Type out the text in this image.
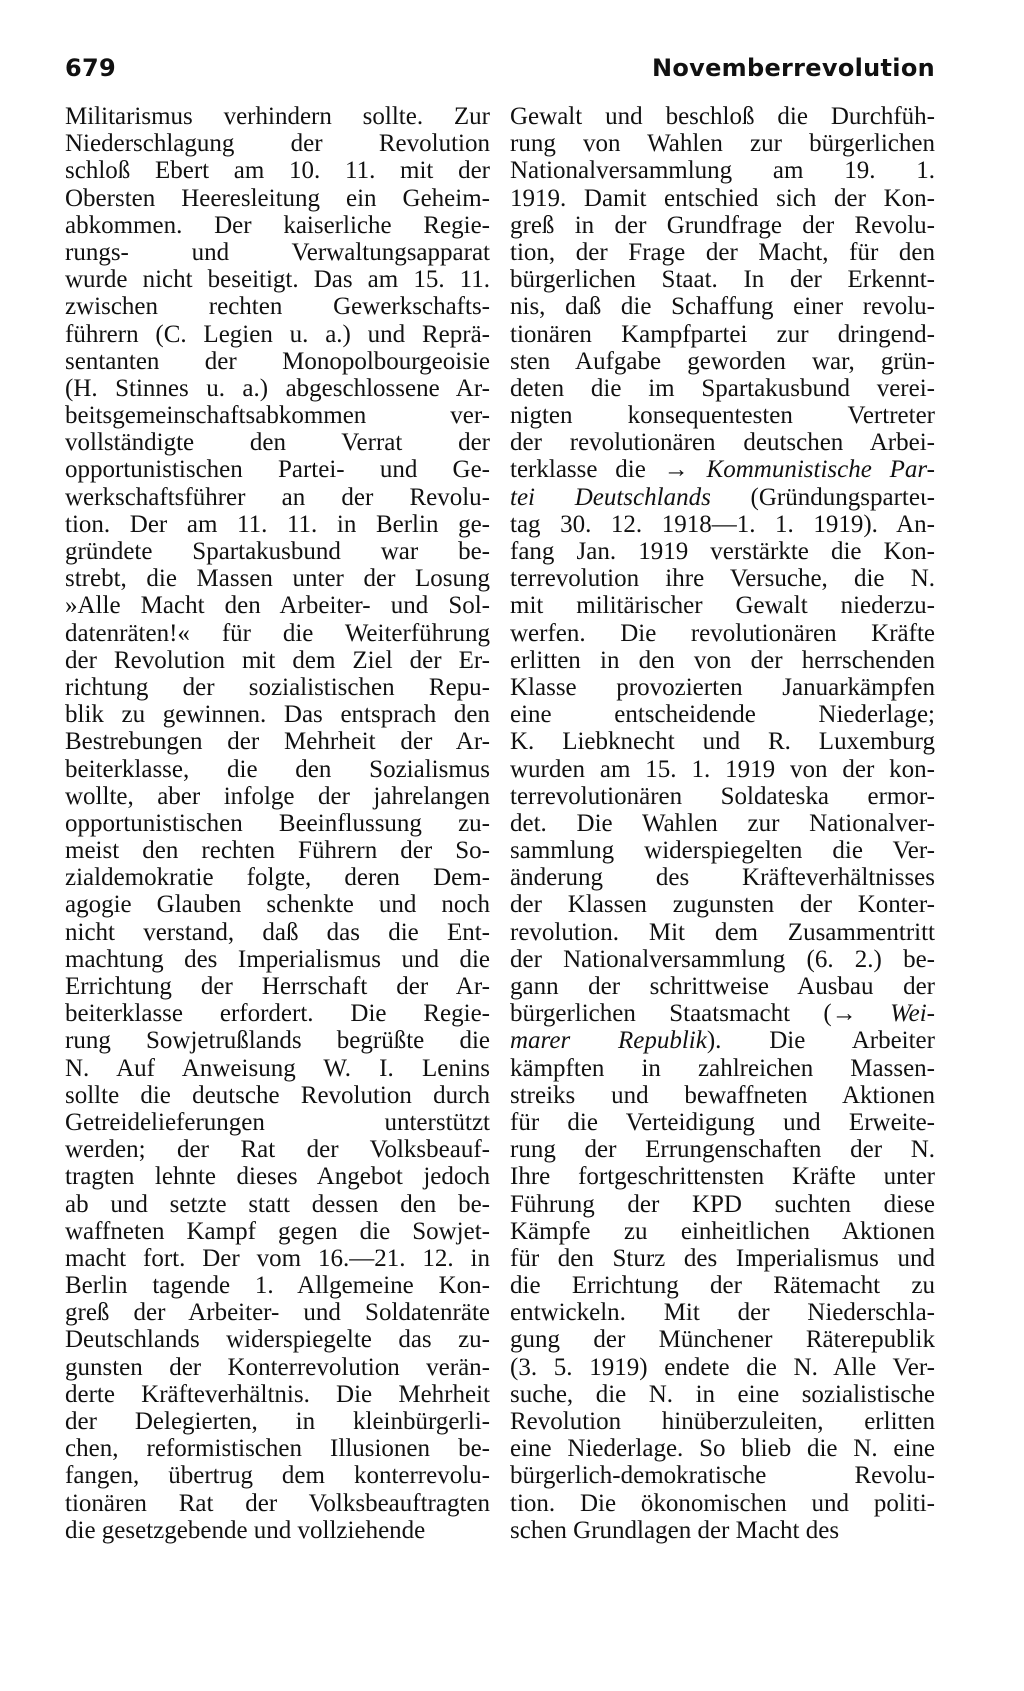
679	Novemberrevolution
Militarismus verhindern sollte. Zur
Niederschlagung der Revolution
schloß Ebert am 10. 11. mit der
Obersten Heeresleitung ein Geheim-
abkommen. Der kaiserliche Regie-
rungs- und Verwaltungsapparat
wurde nicht beseitigt. Das am 15. 11.
zwischen rechten Gewerkschafts-
führern (C. Legien u. a.) und Reprä-
sentanten der Monopolbourgeoisie
(H. Stinnes u. a.) abgeschlossene Ar-
beitsgemeinschaftsabkommen ver-
vollständigte den Verrat der
opportunistischen Partei- und Ge-
werkschaftsführer an der Revolu-
tion. Der am 11. 11. in Berlin ge-
gründete Spartakusbund war be-
strebt, die Massen unter der Losung
»Alle Macht den Arbeiter- und Sol-
datenräten!« für die Weiterführung
der Revolution mit dem Ziel der Er-
richtung der sozialistischen Repu-
blik zu gewinnen. Das entsprach den
Bestrebungen der Mehrheit der Ar-
beiterklasse, die den Sozialismus
wollte, aber infolge der jahrelangen
opportunistischen Beeinflussung zu-
meist den rechten Führern der So-
zialdemokratie folgte, deren Dem-
agogie Glauben schenkte und noch
nicht verstand, daß das die Ent-
machtung des Imperialismus und die
Errichtung der Herrschaft der Ar-
beiterklasse erfordert. Die Regie-
rung Sowjetrußlands begrüßte die
N. Auf Anweisung W. I. Lenins
sollte die deutsche Revolution durch
Getreidelieferungen unterstützt
werden; der Rat der Volksbeauf-
tragten lehnte dieses Angebot jedoch
ab und setzte statt dessen den be-
waffneten Kampf gegen die Sowjet-
macht fort. Der vom 16.—21. 12. in
Berlin tagende 1. Allgemeine Kon-
greß der Arbeiter- und Soldatenräte
Deutschlands widerspiegelte das zu-
gunsten der Konterrevolution verän-
derte Kräfteverhältnis. Die Mehrheit
der Delegierten, in kleinbürgerli-
chen, reformistischen Illusionen be-
fangen, übertrug dem konterrevolu-
tionären Rat der Volksbeauftragten
die gesetzgebende und vollziehende
Gewalt und beschloß die Durchfüh-
rung von Wahlen zur bürgerlichen
Nationalversammlung am 19. 1.
1919. Damit entschied sich der Kon-
greß in der Grundfrage der Revolu-
tion, der Frage der Macht, für den
bürgerlichen Staat. In der Erkennt-
nis, daß die Schaffung einer revolu-
tionären Kampfpartei zur dringend-
sten Aufgabe geworden war, grün-
deten die im Spartakusbund verei-
nigten konsequentesten Vertreter
der revolutionären deutschen Arbei-
terklasse die → Kommunistische Par-
tei Deutschlands (Gründungsparteι-
tag 30. 12. 1918—1. 1. 1919). An-
fang Jan. 1919 verstärkte die Kon-
terrevolution ihre Versuche, die N.
mit militärischer Gewalt niederzu-
werfen. Die revolutionären Kräfte
erlitten in den von der herrschenden
Klasse provozierten Januarkämpfen
eine entscheidende Niederlage;
K. Liebknecht und R. Luxemburg
wurden am 15. 1. 1919 von der kon-
terrevolutionären Soldateska ermor-
det. Die Wahlen zur Nationalver-
sammlung widerspiegelten die Ver-
änderung des Kräfteverhältnisses
der Klassen zugunsten der Konter-
revolution. Mit dem Zusammentritt
der Nationalversammlung (6. 2.) be-
gann der schrittweise Ausbau der
bürgerlichen Staatsmacht (→ Wei-
marer Republik). Die Arbeiter
kämpften in zahlreichen Massen-
streiks und bewaffneten Aktionen
für die Verteidigung und Erweite-
rung der Errungenschaften der N.
Ihre fortgeschrittensten Kräfte unter
Führung der KPD suchten diese
Kämpfe zu einheitlichen Aktionen
für den Sturz des Imperialismus und
die Errichtung der Rätemacht zu
entwickeln. Mit der Niederschla-
gung der Münchener Räterepublik
(3. 5. 1919) endete die N. Alle Ver-
suche, die N. in eine sozialistische
Revolution hinüberzuleiten, erlitten
eine Niederlage. So blieb die N. eine
bürgerlich-demokratische Revolu-
tion. Die ökonomischen und politi-
schen Grundlagen der Macht des
